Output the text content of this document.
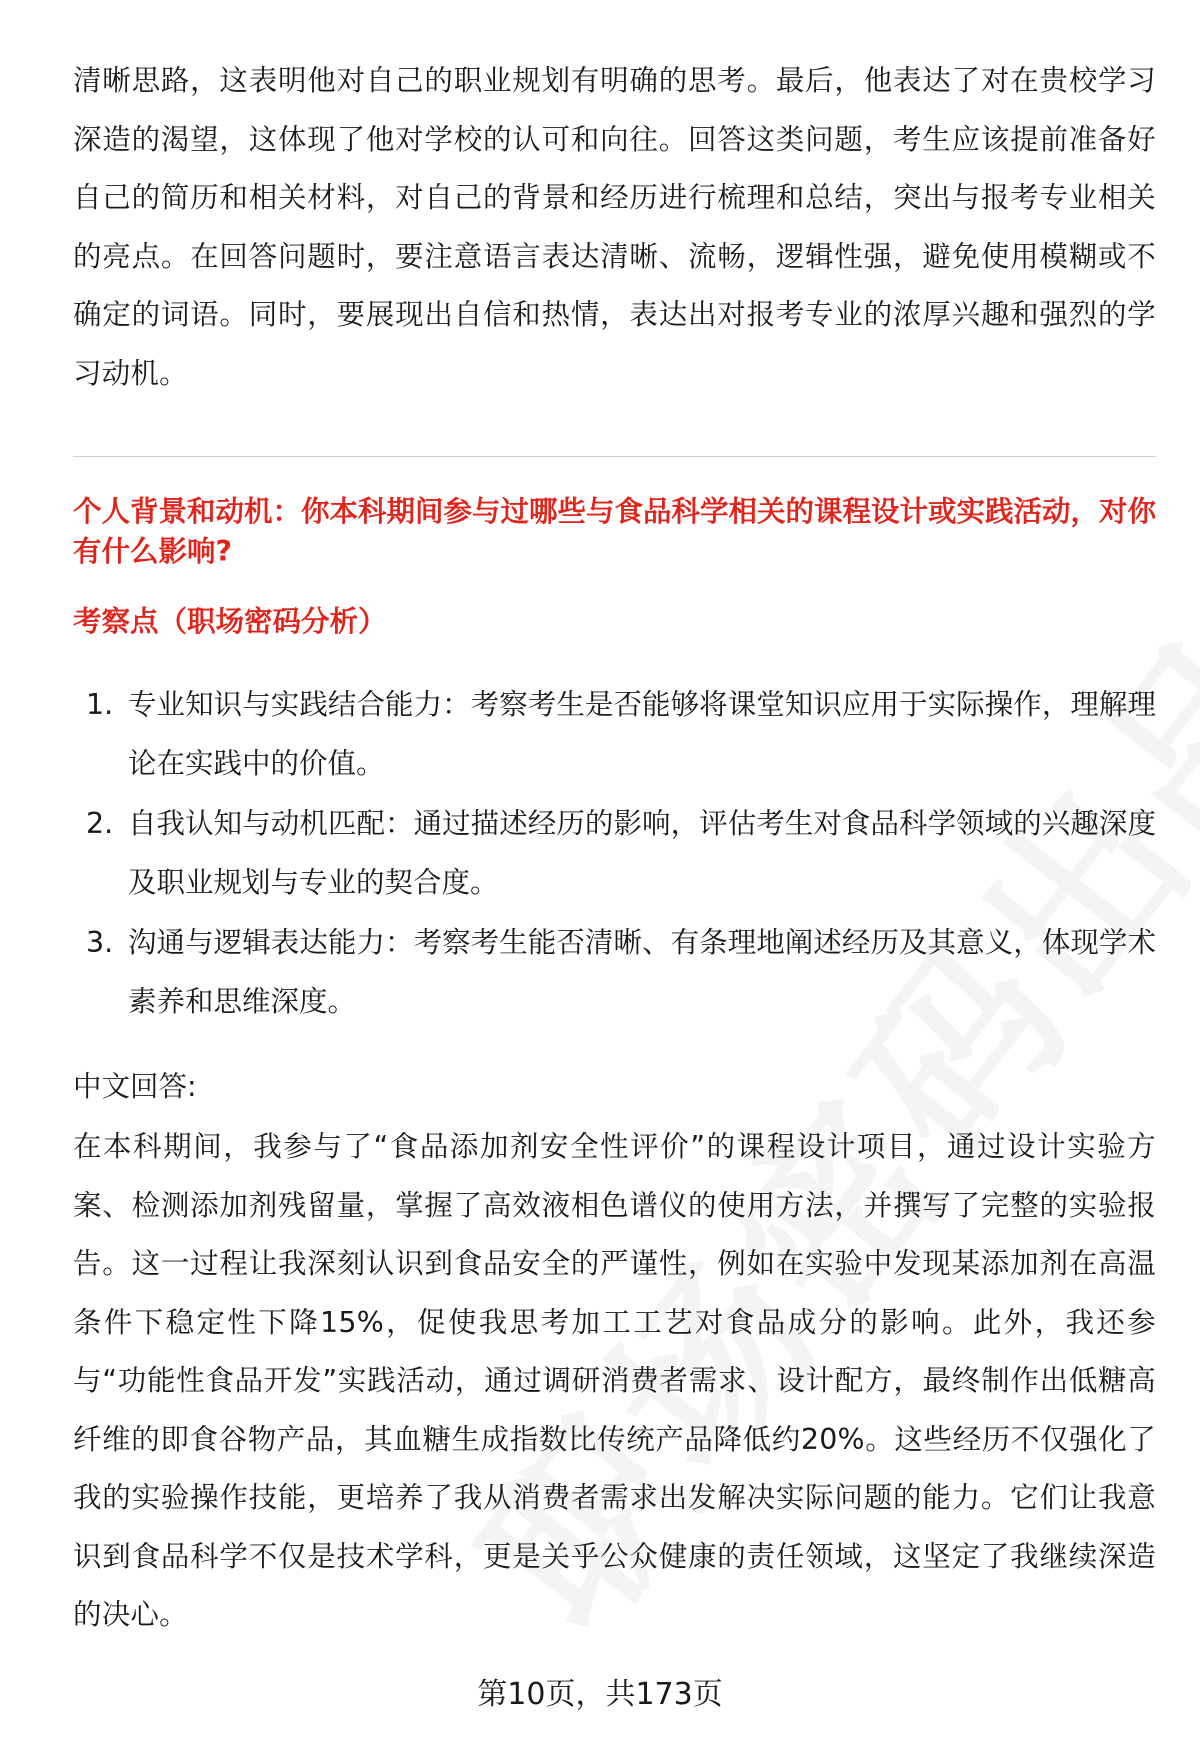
清晰思路，这表明他对自己的职业规划有明确的思考。最后，他表达了对在贵校学习深造的渴望，这体现了他对学校的认可和向往。回答这类问题，考生应该提前准备好自己的简历和相关材料，对自己的背景和经历进行梳理和总结，突出与报考专业相关的亮点。在回答问题时，要注意语言表达清晰、流畅，逻辑性强，避免使用模糊或不确定的词语。同时，要展现出自信和热情，表达出对报考专业的浓厚兴趣和强烈的学习动机。

个人背景和动机：你本科期间参与过哪些与食品科学相关的课程设计或实践活动，对你有什么影响?

考察点（职场密码分析）

1. 专业知识与实践结合能力：考察考生是否能够将课堂知识应用于实际操作，理解理论在实践中的价值。
2. 自我认知与动机匹配：通过描述经历的影响，评估考生对食品科学领域的兴趣深度及职业规划与专业的契合度。
3. 沟通与逻辑表达能力：考察考生能否清晰、有条理地阐述经历及其意义，体现学术素养和思维深度。

中文回答:

在本科期间，我参与了“食品添加剂安全性评价”的课程设计项目，通过设计实验方案、检测添加剂残留量，掌握了高效液相色谱仪的使用方法，并撰写了完整的实验报告。这一过程让我深刻认识到食品安全的严谨性，例如在实验中发现某添加剂在高温条件下稳定性下降15%，促使我思考加工工艺对食品成分的影响。此外，我还参与“功能性食品开发”实践活动，通过调研消费者需求、设计配方，最终制作出低糖高纤维的即食谷物产品，其血糖生成指数比传统产品降低约20%。这些经历不仅强化了我的实验操作技能，更培养了我从消费者需求出发解决实际问题的能力。它们让我意识到食品科学不仅是技术学科，更是关乎公众健康的责任领域，这坚定了我继续深造的决心。

第10页，共173页
